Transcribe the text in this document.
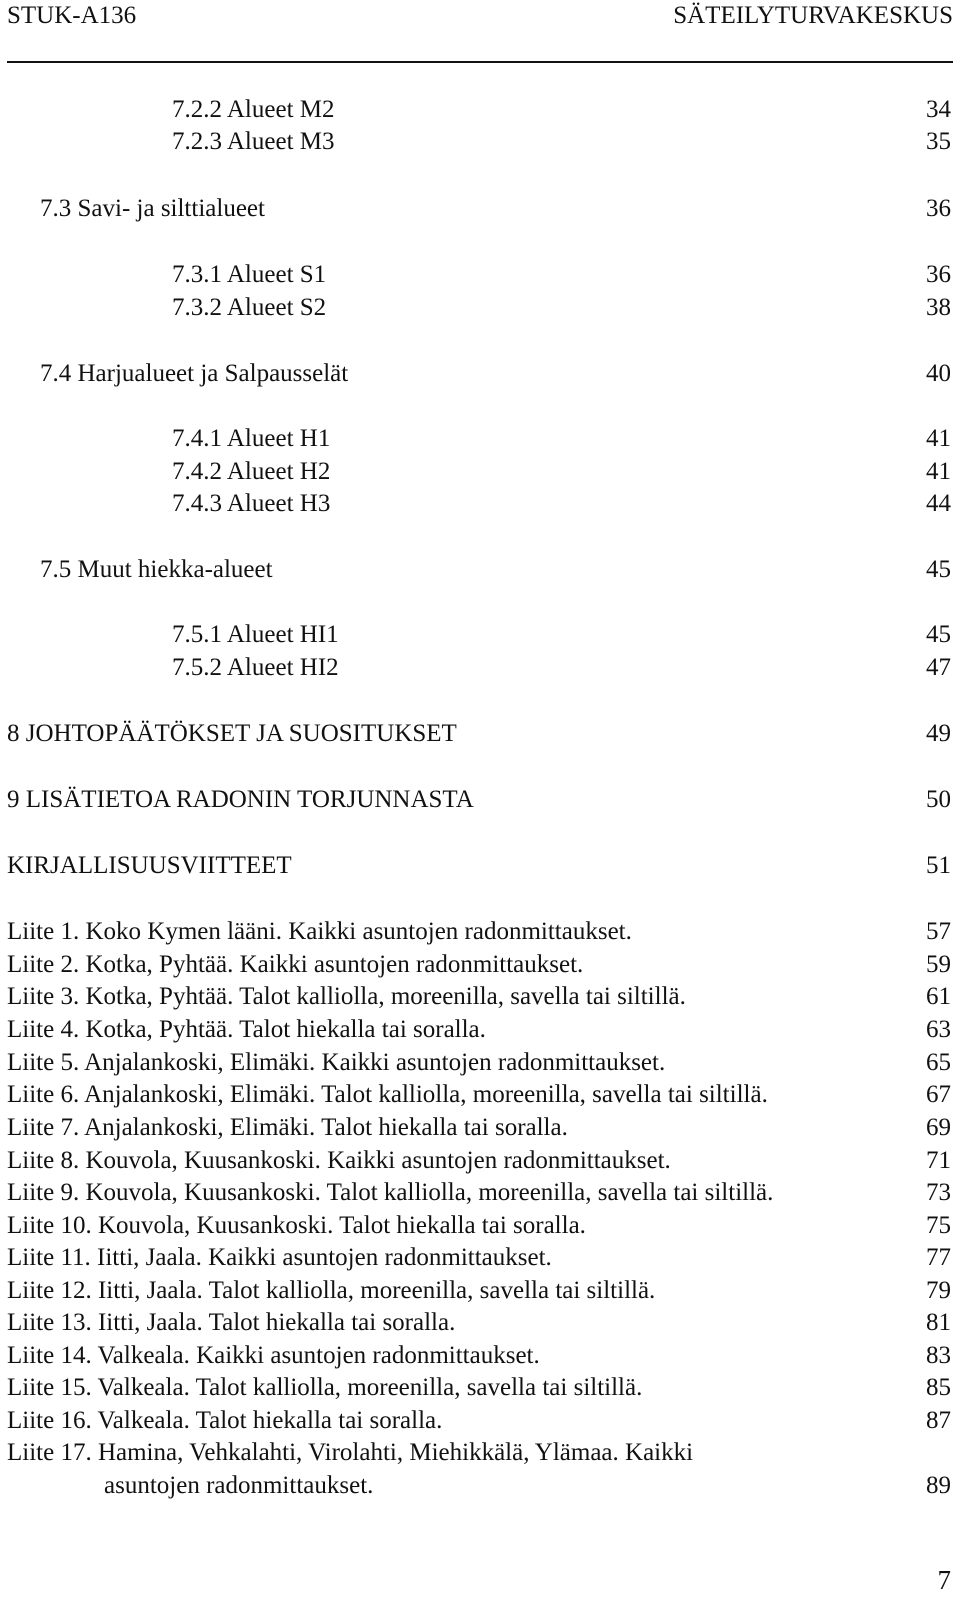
STUK-A136	SÄTEILYTURVAKESKUS
7.2.2 Alueet M2	34
7.2.3 Alueet M3	35
7.3 Savi- ja silttialueet	36
7.3.1 Alueet S1	36
7.3.2 Alueet S2	38
7.4 Harjualueet ja Salpausselät	40
7.4.1 Alueet H1	41
7.4.2 Alueet H2	41
7.4.3 Alueet H3	44
7.5 Muut hiekka-alueet	45
7.5.1 Alueet HI1	45
7.5.2 Alueet HI2	47
8 JOHTOPÄÄTÖKSET JA SUOSITUKSET	49
9 LISÄTIETOA RADONIN TORJUNNASTA	50
KIRJALLISUUSVIITTEET	51
Liite 1. Koko Kymen lääni. Kaikki asuntojen radonmittaukset.	57
Liite 2. Kotka, Pyhtää. Kaikki asuntojen radonmittaukset.	59
Liite 3. Kotka, Pyhtää. Talot kalliolla, moreenilla, savella tai siltillä.	61
Liite 4. Kotka, Pyhtää. Talot hiekalla tai soralla.	63
Liite 5. Anjalankoski, Elimäki. Kaikki asuntojen radonmittaukset.	65
Liite 6. Anjalankoski, Elimäki. Talot kalliolla, moreenilla, savella tai siltillä.	67
Liite 7. Anjalankoski, Elimäki. Talot hiekalla tai soralla.	69
Liite 8. Kouvola, Kuusankoski. Kaikki asuntojen radonmittaukset.	71
Liite 9. Kouvola, Kuusankoski. Talot kalliolla, moreenilla, savella tai siltillä.	73
Liite 10. Kouvola, Kuusankoski. Talot hiekalla tai soralla.	75
Liite 11. Iitti, Jaala. Kaikki asuntojen radonmittaukset.	77
Liite 12. Iitti, Jaala. Talot kalliolla, moreenilla, savella tai siltillä.	79
Liite 13. Iitti, Jaala. Talot hiekalla tai soralla.	81
Liite 14. Valkeala. Kaikki asuntojen radonmittaukset.	83
Liite 15. Valkeala. Talot kalliolla, moreenilla, savella tai siltillä.	85
Liite 16. Valkeala. Talot hiekalla tai soralla.	87
Liite 17. Hamina, Vehkalahti, Virolahti, Miehikkälä, Ylämaa. Kaikki
asuntojen radonmittaukset.	89
7
